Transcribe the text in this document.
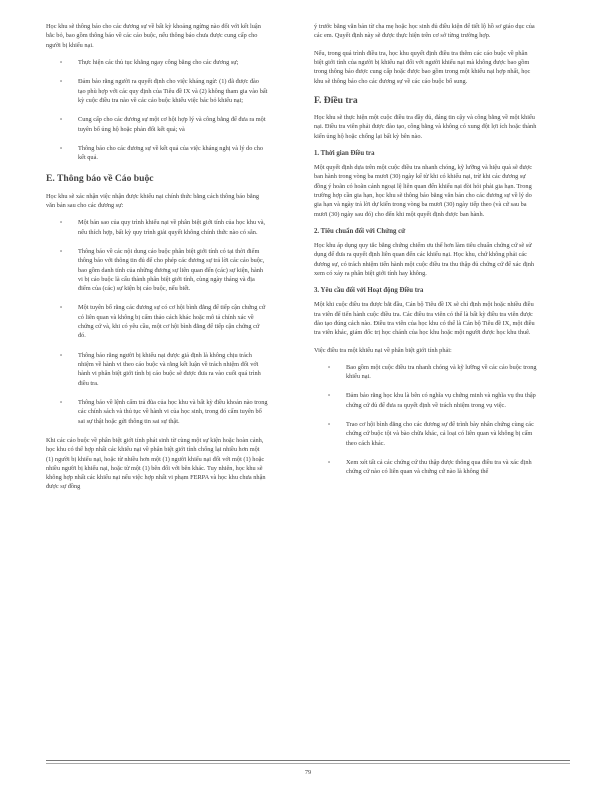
Học khu sẽ thông báo cho các đương sự về bất kỳ khoảng ngừng nào đối với kết luận bắc bỏ, bao gồm thông báo về các cáo buộc, nếu thông báo chưa được cung cấp cho người bị khiếu nại.

▫	Thực hiện các thủ tục khẳng ngay công bằng cho các đương sự;
▫	Đảm bảo rằng người ra quyết định cho việc kháng ngừ: (1) đã được đào tạo phù hợp với các quy định của Tiêu đề IX và (2) không tham gia vào bất kỳ cuộc điều tra nào về các cáo buộc khiếu việc bác bỏ khiếu nại;
▫	Cung cấp cho các đương sự một cơ hội hợp lý và công bằng để đưa ra một tuyên bố ủng hộ hoặc phản đối kết quả; và
▫	Thông báo cho các đương sự về kết quả của việc kháng nghị và lý do cho kết quả.
E. Thông báo về Cáo buộc

Học khu sẽ xác nhận việc nhận được khiếu nại chính thức bằng cách thông báo bằng văn bản sau cho các đương sự:

▫	Một bản sao của quy trình khiếu nại về phân biệt giới tính của học khu và, nếu thích hợp, bất kỳ quy trình giải quyết không chính thức nào có sẵn.
▫	Thông báo về các nội dung cáo buộc phân biệt giới tính có tại thời điểm thông báo với thông tin đủ để cho phép các đương sự trả lời các cáo buộc, bao gồm danh tính của những đương sự liên quan đến (các) sự kiện, hành vi bị cáo buộc là cấu thành phân biệt giới tính, cùng ngày tháng và địa điểm của (các) sự kiện bị cáo buộc, nếu biết.
▫	Một tuyên bố rằng các đương sự có cơ hội bình đẳng để tiếp cận chứng cứ có liên quan và không bị cấm thảo cách khác hoặc mô tả chính xác về chứng cứ và, khi có yêu cầu, một cơ hội bình đẳng để tiếp cận chứng cứ đó.
▫	Thông báo rằng người bị khiếu nại được giả định là không chịu trách nhiệm về hành vi theo cáo buộc và rằng kết luận về trách nhiệm đối với hành vi phân biệt giới tính bị cáo buộc sẽ được đưa ra vào cuối quá trình điều tra.
▫	Thông báo về lệnh cấm trả đũa của học khu và bất kỳ điều khoản nào trong các chính sách và thủ tục về hành vi của học sinh, trong đó cấm tuyên bố sai sự thật hoặc gửi thông tin sai sự thật.

Khi các cáo buộc về phân biệt giới tính phát sinh từ cùng một sự kiện hoặc hoàn cảnh, học khu có thể hợp nhất các khiếu nại về phân biệt giới tính chống lại nhiều hơn một (1) người bị khiếu nại, hoặc từ nhiều hơn một (1) người khiếu nại đối với một (1) hoặc nhiều người bị khiếu nại, hoặc từ một (1) bên đối với bên khác. Tuy nhiên, học khu sẽ không hợp nhất các khiếu nại nếu việc hợp nhất vi phạm FERPA và học khu chưa nhận được sự đồng

ý trước bằng văn bản từ cha mẹ hoặc học sinh đủ điều kiện để tiết lộ hồ sơ giáo dục của các em. Quyết định này sẽ được thực hiện trên cơ sở từng trường hợp.

Nếu, trong quá trình điều tra, học khu quyết định điều tra thêm các cáo buộc về phân biệt giới tính của người bị khiếu nại đối với người khiếu nại mà không được bao gồm trong thông báo được cung cấp hoặc được bao gồm trong một khiếu nại hợp nhất, học khu sẽ thông báo cho các đương sự về các cáo buộc bổ sung.

F. Điều tra

Học khu sẽ thực hiện một cuộc điều tra đầy đủ, đáng tin cậy và công bằng về một khiếu nại. Điều tra viên phải được đào tạo, công bằng và không có xung đột lợi ích hoặc thành kiến ủng hộ hoặc chống lại bất kỳ bên nào.

1. Thời gian Điều tra

Một quyết định dựa trên một cuộc điều tra nhanh chóng, kỹ lưỡng và hiệu quả sẽ được ban hành trong vòng ba mươi (30) ngày kể từ khi có khiếu nại, trừ khi các đương sự đồng ý hoãn có hoãn cánh ngoại lệ liên quan đến khiếu nại đòi hỏi phải gia hạn. Trong trường hợp cần gia hạn, học khu sẽ thông báo bằng văn bản cho các đương sự về lý do gia hạn và ngày trả lời dự kiến trong vòng ba mươi (30) ngày tiếp theo (và cứ sau ba mươi (30) ngày sau đó) cho đến khi một quyết định được ban hành.

2. Tiêu chuẩn đối với Chứng cứ

Học khu áp dụng quy tắc bằng chứng chiếm ưu thế hơn làm tiêu chuẩn chứng cứ sẽ sử dụng để đưa ra quyết định liên quan đến các khiếu nại. Học khu, chứ không phải các đương sự, có trách nhiệm tiến hành một cuộc điều tra thu thập đủ chứng cứ để xác định xem có xảy ra phân biệt giới tính hay không.

3. Yêu cầu đối với Hoạt động Điều tra

Một khi cuộc điều tra được bắt đầu, Cán bộ Tiêu đề IX sẽ chỉ định một hoặc nhiều điều tra viên để tiến hành cuộc điều tra. Các điều tra viên có thể là bất kỳ điều tra viên được đào tạo đúng cách nào. Điều tra viên của học khu có thể là Cán bộ Tiêu đề IX, một điều tra viên khác, giám đốc trị học chánh của học khu hoặc một người được học khu thuê.

Việc điều tra một khiếu nại về phân biệt giới tính phải:

▫	Bao gồm một cuộc điều tra nhanh chóng và kỹ lưỡng về các cáo buộc trong khiếu nại.
▫	Đảm bảo rằng học khu là bên có nghĩa vụ chứng minh và nghĩa vụ thu thập chứng cứ đủ để đưa ra quyết định về trách nhiệm trong vụ việc.
▫	Trao cơ hội bình đẳng cho các đương sự để trình bày nhân chứng cùng các chứng cứ buộc tội và bào chữa khác, cả loại có liên quan và không bị cấm theo cách khác.
▫	Xem xét tất cả các chứng cứ thu thập được thông qua điều tra và xác định chứng cứ nào có liên quan và chứng cứ nào là không thể
79
